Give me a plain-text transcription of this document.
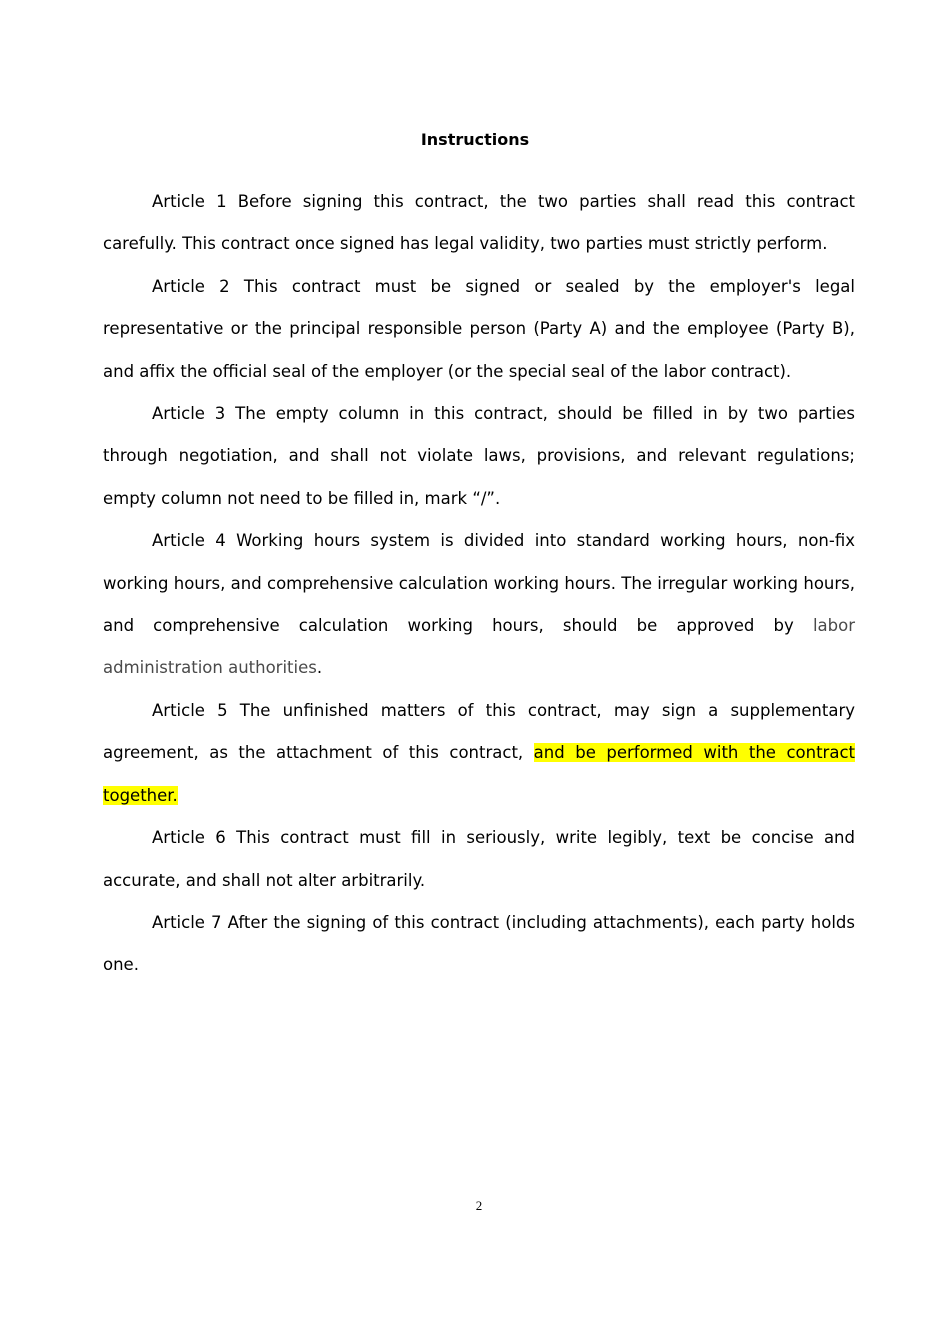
Instructions

Article 1 Before signing this contract, the two parties shall read this contract carefully. This contract once signed has legal validity, two parties must strictly perform.

Article 2 This contract must be signed or sealed by the employer's legal representative or the principal responsible person (Party A) and the employee (Party B), and affix the official seal of the employer (or the special seal of the labor contract).

Article 3 The empty column in this contract, should be filled in by two parties through negotiation, and shall not violate laws, provisions, and relevant regulations; empty column not need to be filled in, mark “/”.

Article 4 Working hours system is divided into standard working hours, non-fix working hours, and comprehensive calculation working hours. The irregular working hours, and comprehensive calculation working hours, should be approved by labor administration authorities.

Article 5 The unfinished matters of this contract, may sign a supplementary agreement, as the attachment of this contract, and be performed with the contract together.

Article 6 This contract must fill in seriously, write legibly, text be concise and accurate, and shall not alter arbitrarily.

Article 7 After the signing of this contract (including attachments), each party holds one.

2
